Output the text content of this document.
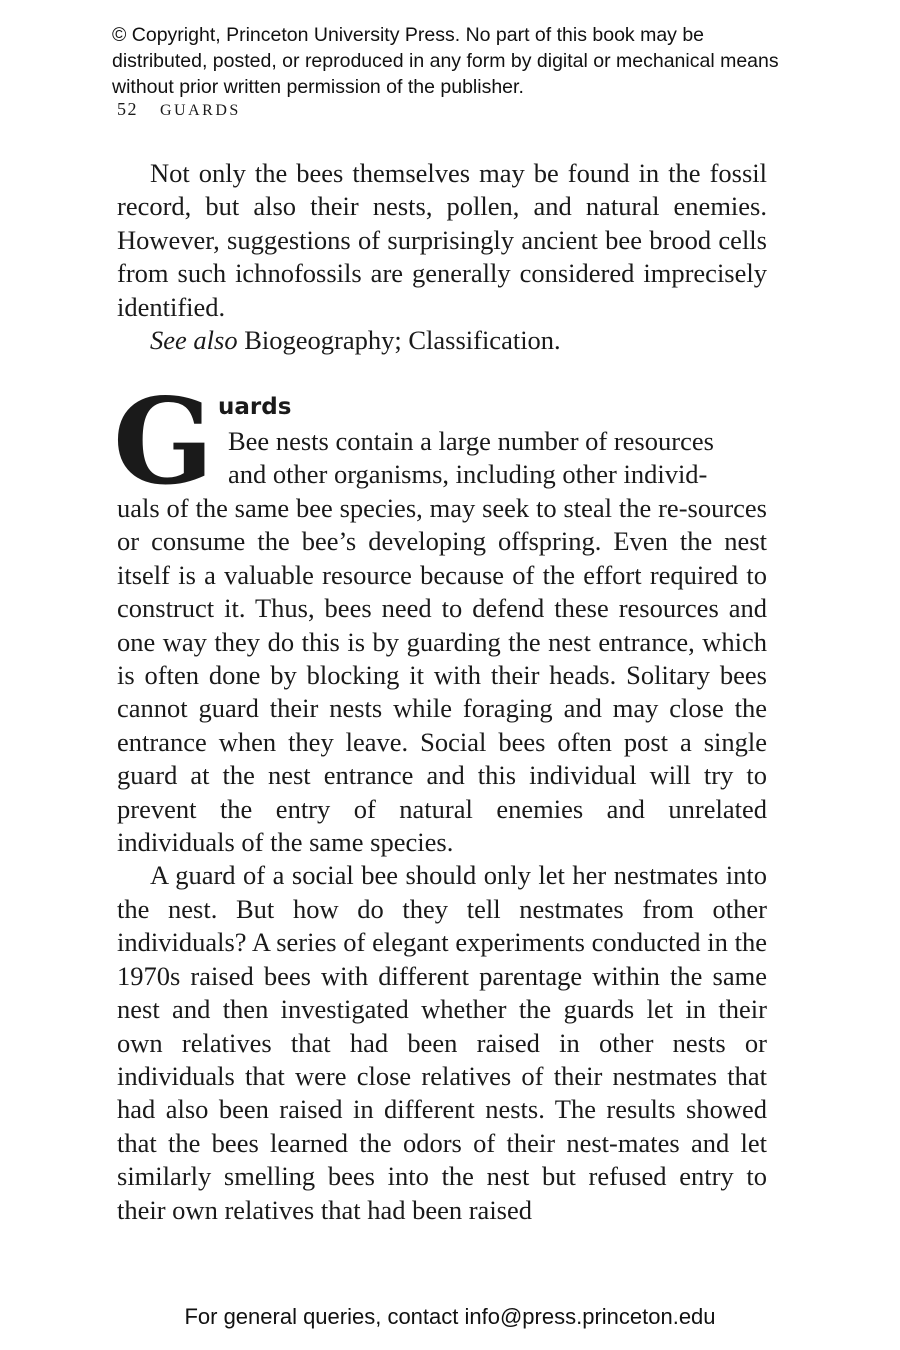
© Copyright, Princeton University Press. No part of this book may be distributed, posted, or reproduced in any form by digital or mechanical means without prior written permission of the publisher.
52 GUARDS

Not only the bees themselves may be found in the fossil record, but also their nests, pollen, and natural enemies. However, suggestions of surprisingly ancient bee brood cells from such ichnofossils are generally considered imprecisely identified.

See also Biogeography; Classification.

G uards

Bee nests contain a large number of resources

and other organisms, including other individ-

uals of the same bee species, may seek to steal the re-sources or consume the bee’s developing offspring. Even the nest itself is a valuable resource because of the effort required to construct it. Thus, bees need to defend these resources and one way they do this is by guarding the nest entrance, which is often done by blocking it with their heads. Solitary bees cannot guard their nests while foraging and may close the entrance when they leave. Social bees often post a single guard at the nest entrance and this individual will try to prevent the entry of natural enemies and unrelated individuals of the same species.

A guard of a social bee should only let her nestmates into the nest. But how do they tell nestmates from other individuals? A series of elegant experiments conducted in the 1970s raised bees with different parentage within the same nest and then investigated whether the guards let in their own relatives that had been raised in other nests or individuals that were close relatives of their nestmates that had also been raised in different nests. The results showed that the bees learned the odors of their nest-mates and let similarly smelling bees into the nest but refused entry to their own relatives that had been raised

For general queries, contact info@press.princeton.edu
